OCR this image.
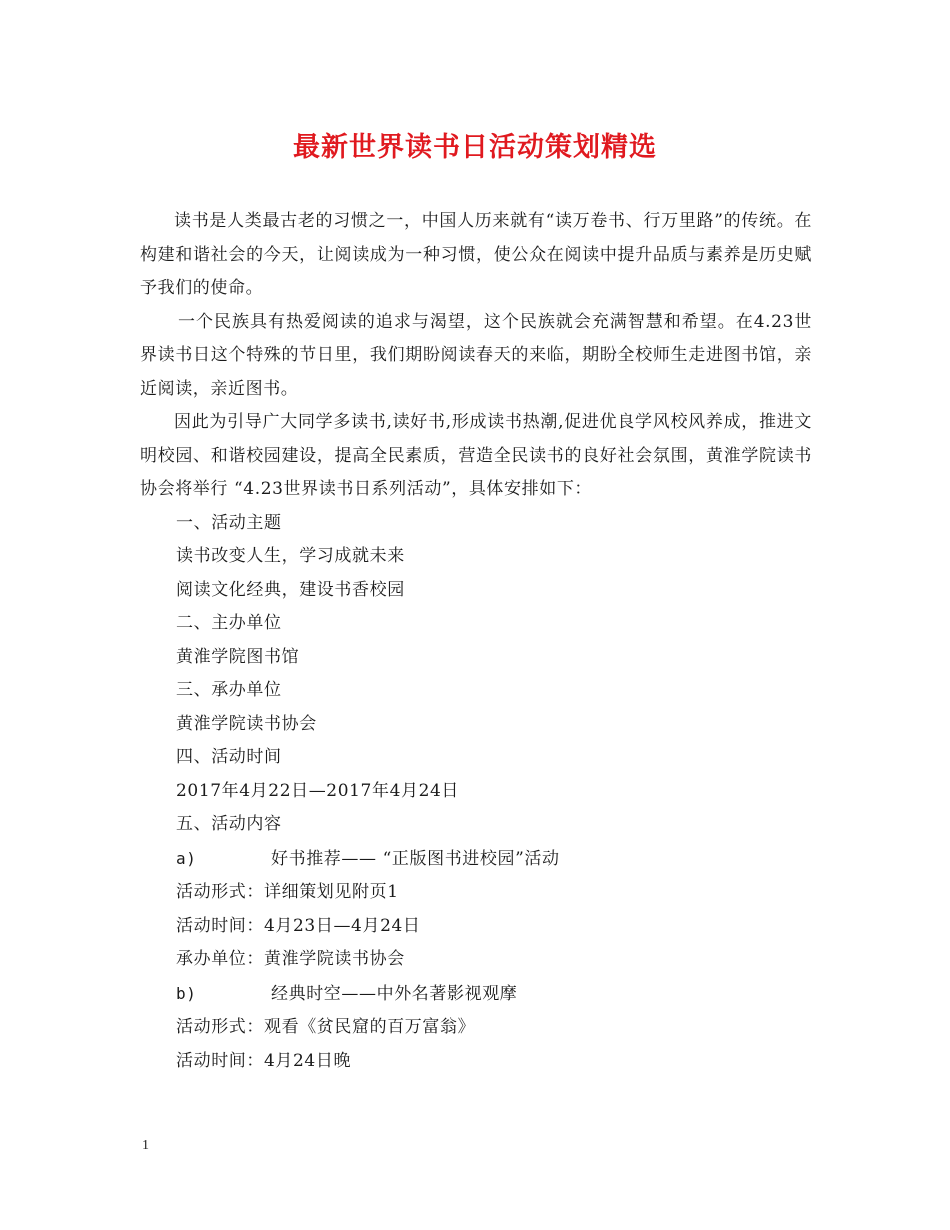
最新世界读书日活动策划精选

读书是人类最古老的习惯之一，中国人历来就有“读万卷书、行万里路”的传统。在构建和谐社会的今天，让阅读成为一种习惯，使公众在阅读中提升品质与素养是历史赋予我们的使命。

一个民族具有热爱阅读的追求与渴望，这个民族就会充满智慧和希望。在4.23世界读书日这个特殊的节日里，我们期盼阅读春天的来临，期盼全校师生走进图书馆，亲近阅读，亲近图书。

因此为引导广大同学多读书,读好书,形成读书热潮,促进优良学风校风养成，推进文明校园、和谐校园建设，提高全民素质，营造全民读书的良好社会氛围，黄淮学院读书协会将举行 “4.23世界读书日系列活动”，具体安排如下：

一、活动主题

读书改变人生，学习成就未来

阅读文化经典，建设书香校园

二、主办单位

黄淮学院图书馆

三、承办单位

黄淮学院读书协会

四、活动时间

2017年4月22日—2017年4月24日

五、活动内容

a)	好书推荐—— “正版图书进校园”活动

活动形式：详细策划见附页1

活动时间：4月23日—4月24日

承办单位：黄淮学院读书协会

b)	经典时空——中外名著影视观摩

活动形式：观看《贫民窟的百万富翁》

活动时间：4月24日晚

1
